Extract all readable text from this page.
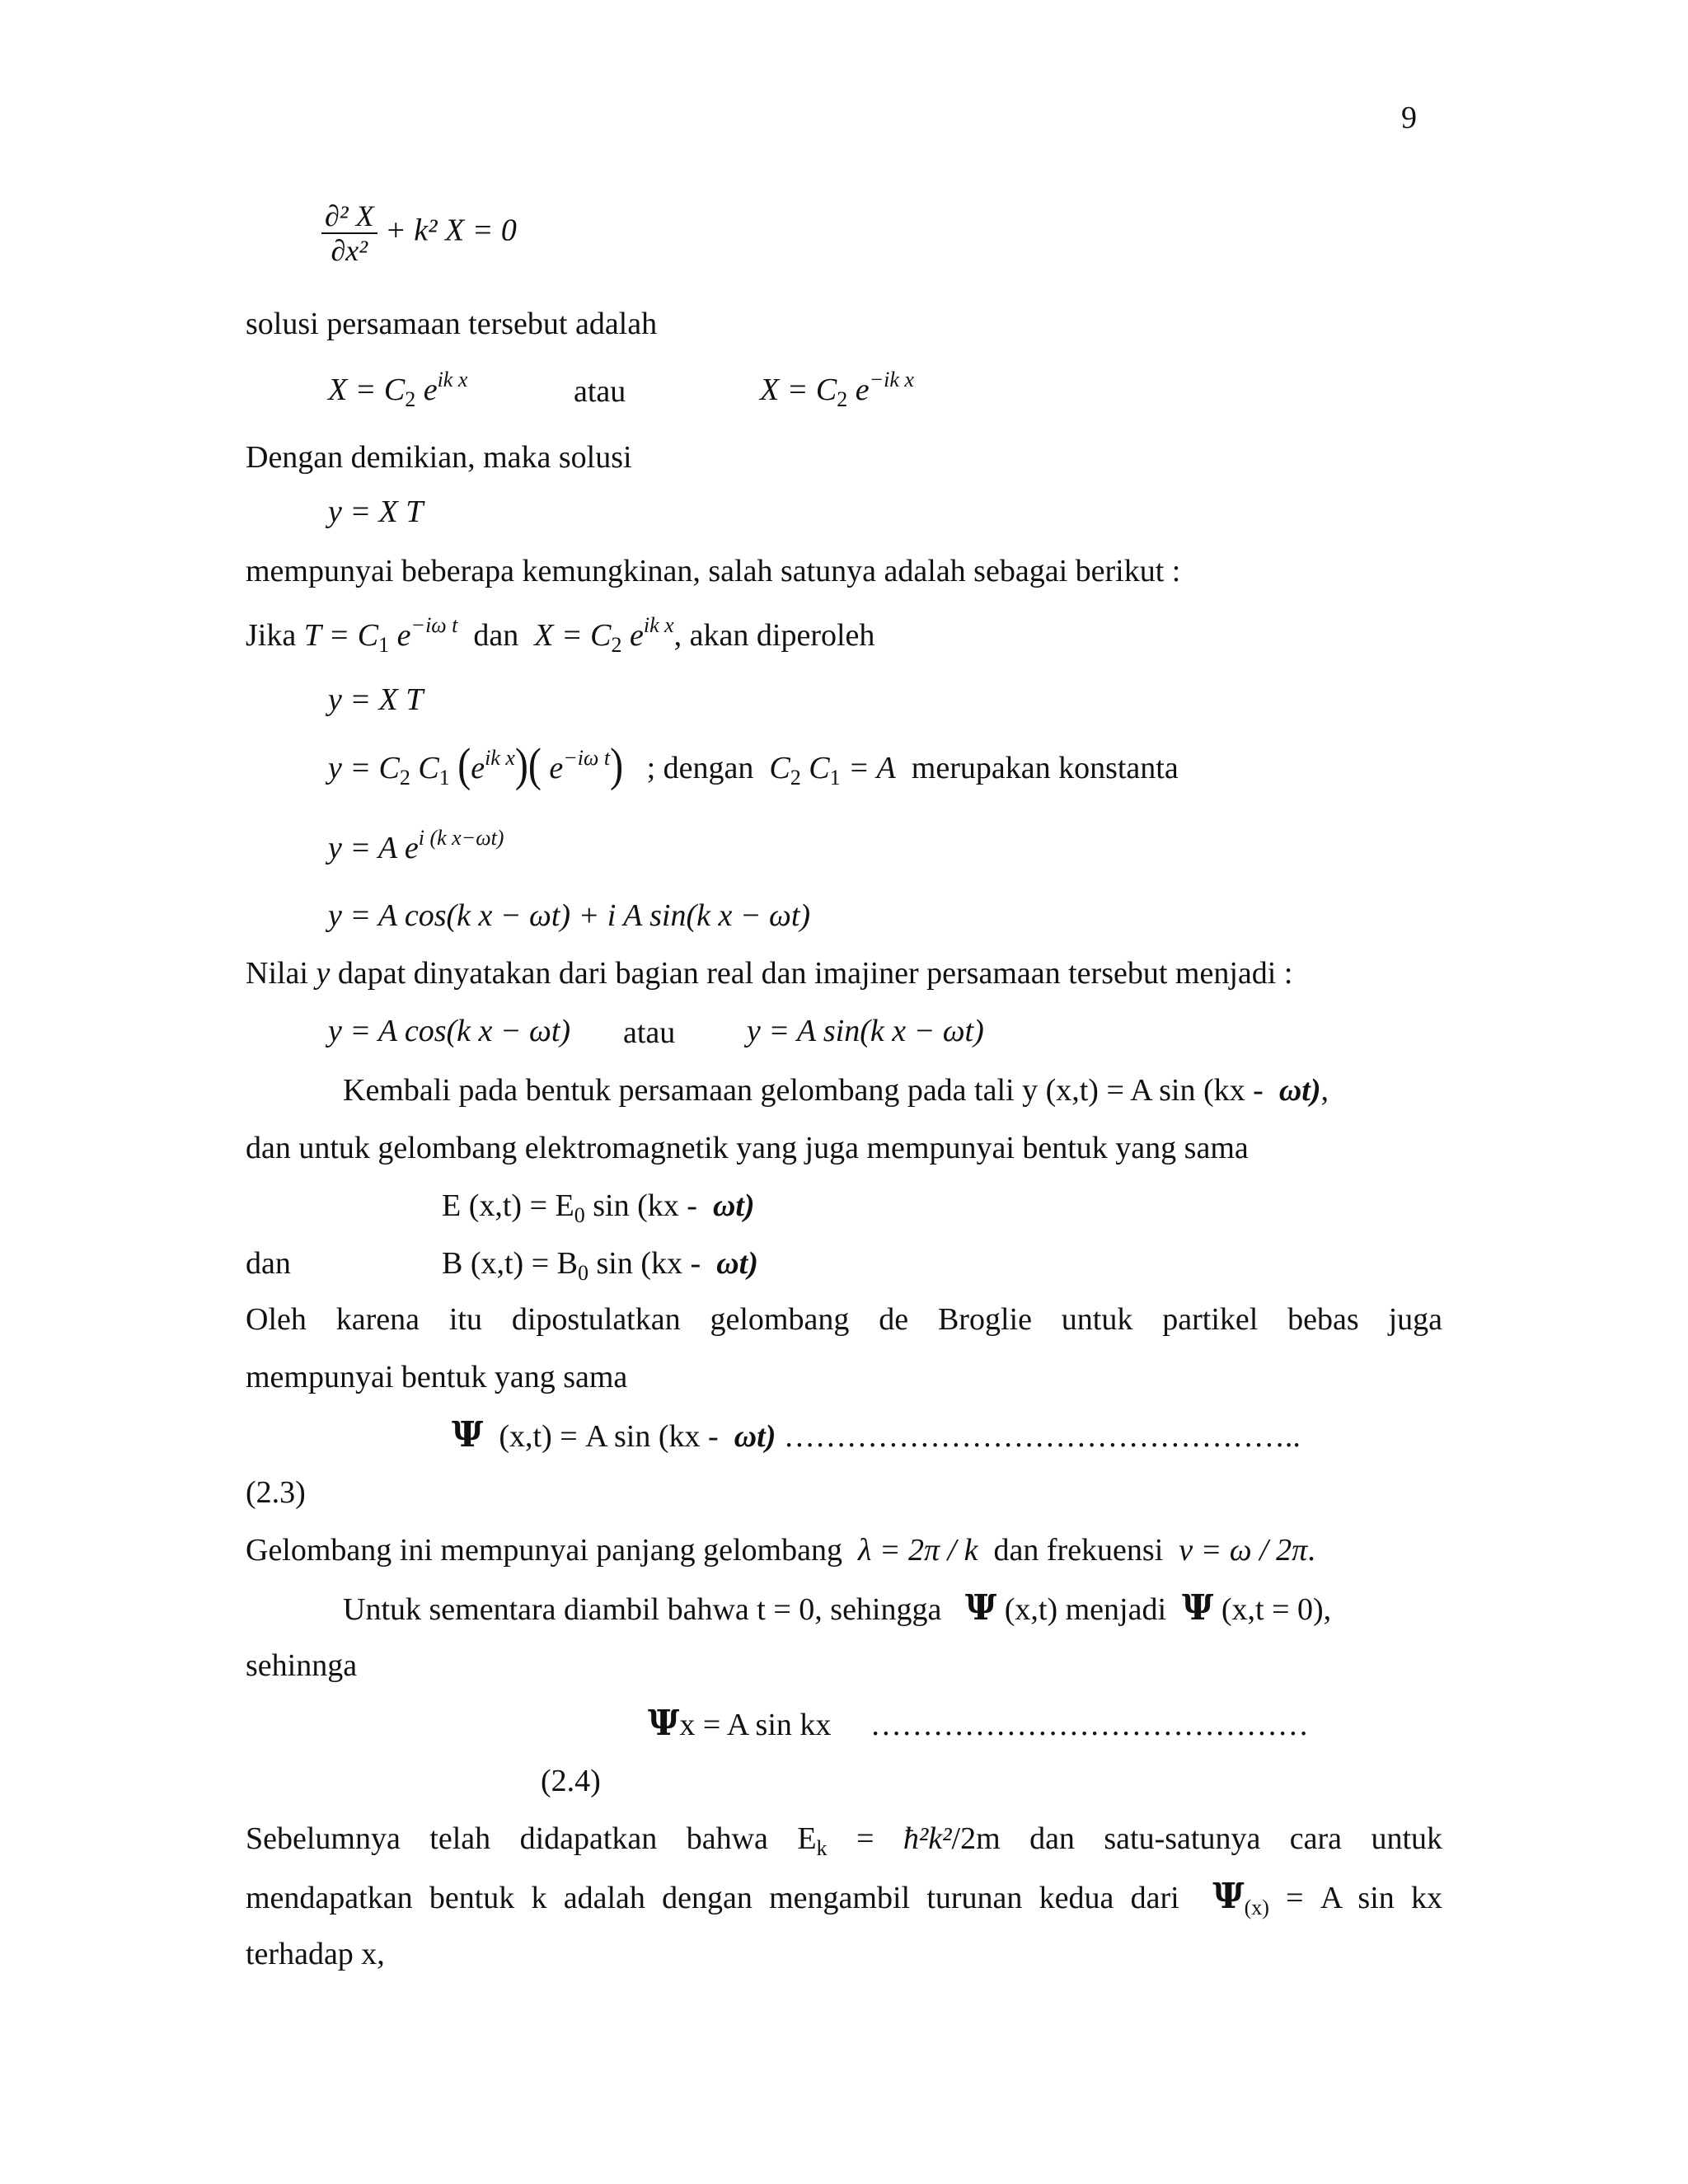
9
$\frac{\text{∂² X}}{\text{∂x²}} + k^2$ X = 0
solusi persamaan tersebut adalah
$X = C_2$ $e^{ik x}$	atau	$X = C_2$ $e^{-ik x}$
Dengan demikian, maka solusi
y = X T
mempunyai beberapa kemungkinan, salah satunya adalah sebagai berikut :
Jika $T = C_1$ $e^{-i\omega t}$ dan $X = C_2$ $e^{ik x}$, akan diperoleh
y = X T
$y = C_2$ $C_1$ $(e^{ik x})$( $e^{-i\omega t}$) ; dengan $C_2$ $C_1 = A$ merupakan konstanta
y = A $e^{i (k x-\omega t)}$
y = A cos(k x − ωt) + i A sin(k x − ωt)
Nilai y dapat dinyatakan dari bagian real dan imajiner persamaan tersebut menjadi :
y = A cos(k x − ωt) atau y = A sin(k x − ωt)
Kembali pada bentuk persamaan gelombang pada tali y (x,t) = A sin (kx - ωt),
dan untuk gelombang elektromagnetik yang juga mempunyai bentuk yang sama
E $(x,t) = E_0$ sin (kx - ωt)
dan	B $(x,t) = B_0$ sin (kx - ωt)
Oleh karena itu dipostulatkan gelombang de Broglie untuk partikel bebas juga
mempunyai bentuk yang sama
Ψ (x,t) = A sin (kx - ωt) …………………………………………..
(2.3)
Gelombang ini mempunyai panjang gelombang λ = 2π / k dan frekuensi ν = ω / 2π.
Untuk sementara diambil bahwa t = 0, sehingga Ψ (x,t) menjadi Ψ (x,t = 0),
sehinnga
Ψx = A sin kx ……………………………………
(2.4)
Sebelumnya telah didapatkan bahwa $E_k$ = ħ²k²/2m dan satu-satunya cara untuk
mendapatkan bentuk k adalah dengan mengambil turunan kedua dari $\Psi_{(x)} = A$ sin kx
terhadap x,
